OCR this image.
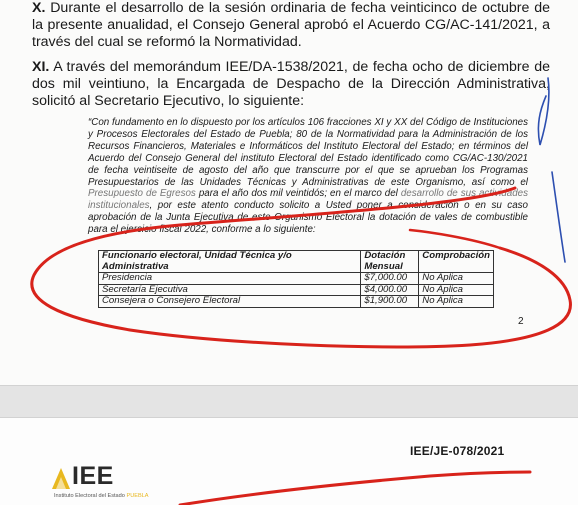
X. Durante el desarrollo de la sesión ordinaria de fecha veinticinco de octubre de la presente anualidad, el Consejo General aprobó el Acuerdo CG/AC-141/2021, a través del cual se reformó la Normatividad.

XI. A través del memorándum IEE/DA-1538/2021, de fecha ocho de diciembre de dos mil veintiuno, la Encargada de Despacho de la Dirección Administrativa, solicitó al Secretario Ejecutivo, lo siguiente:

“Con fundamento en lo dispuesto por los artículos 106 fracciones XI y XX del Código de Instituciones y Procesos Electorales del Estado de Puebla; 80 de la Normatividad para la Administración de los Recursos Financieros, Materiales e Informáticos del Instituto Electoral del Estado; en términos del Acuerdo del Consejo General del instituto Electoral del Estado identificado como CG/AC-130/2021 de fecha veintiseite de agosto del año que transcurre por el que se aprueban los Programas Presupuestarios de las Unidades Técnicas y Administrativas de este Organismo, así como el Presupuesto de Egresos para el año dos mil veintidós; en el marco del desarrollo de sus actividades institucionales, por este atento conducto solicito a Usted poner a consideración o en su caso aprobación de la Junta Ejecutiva de este Organismo Electoral la dotación de vales de combustible para el ejercicio fiscal 2022, conforme a lo siguiente:

Funcionario electoral, Unidad Técnica y/o Administrativa	Dotación Mensual	Comprobación
Presidencia	$7,000.00	No Aplica
Secretaría Ejecutiva	$4,000.00	No Aplica
Consejera o Consejero Electoral	$1,900.00	No Aplica
2
IEE/JE-078/2021
IEE
Instituto Electoral del Estado PUEBLA
